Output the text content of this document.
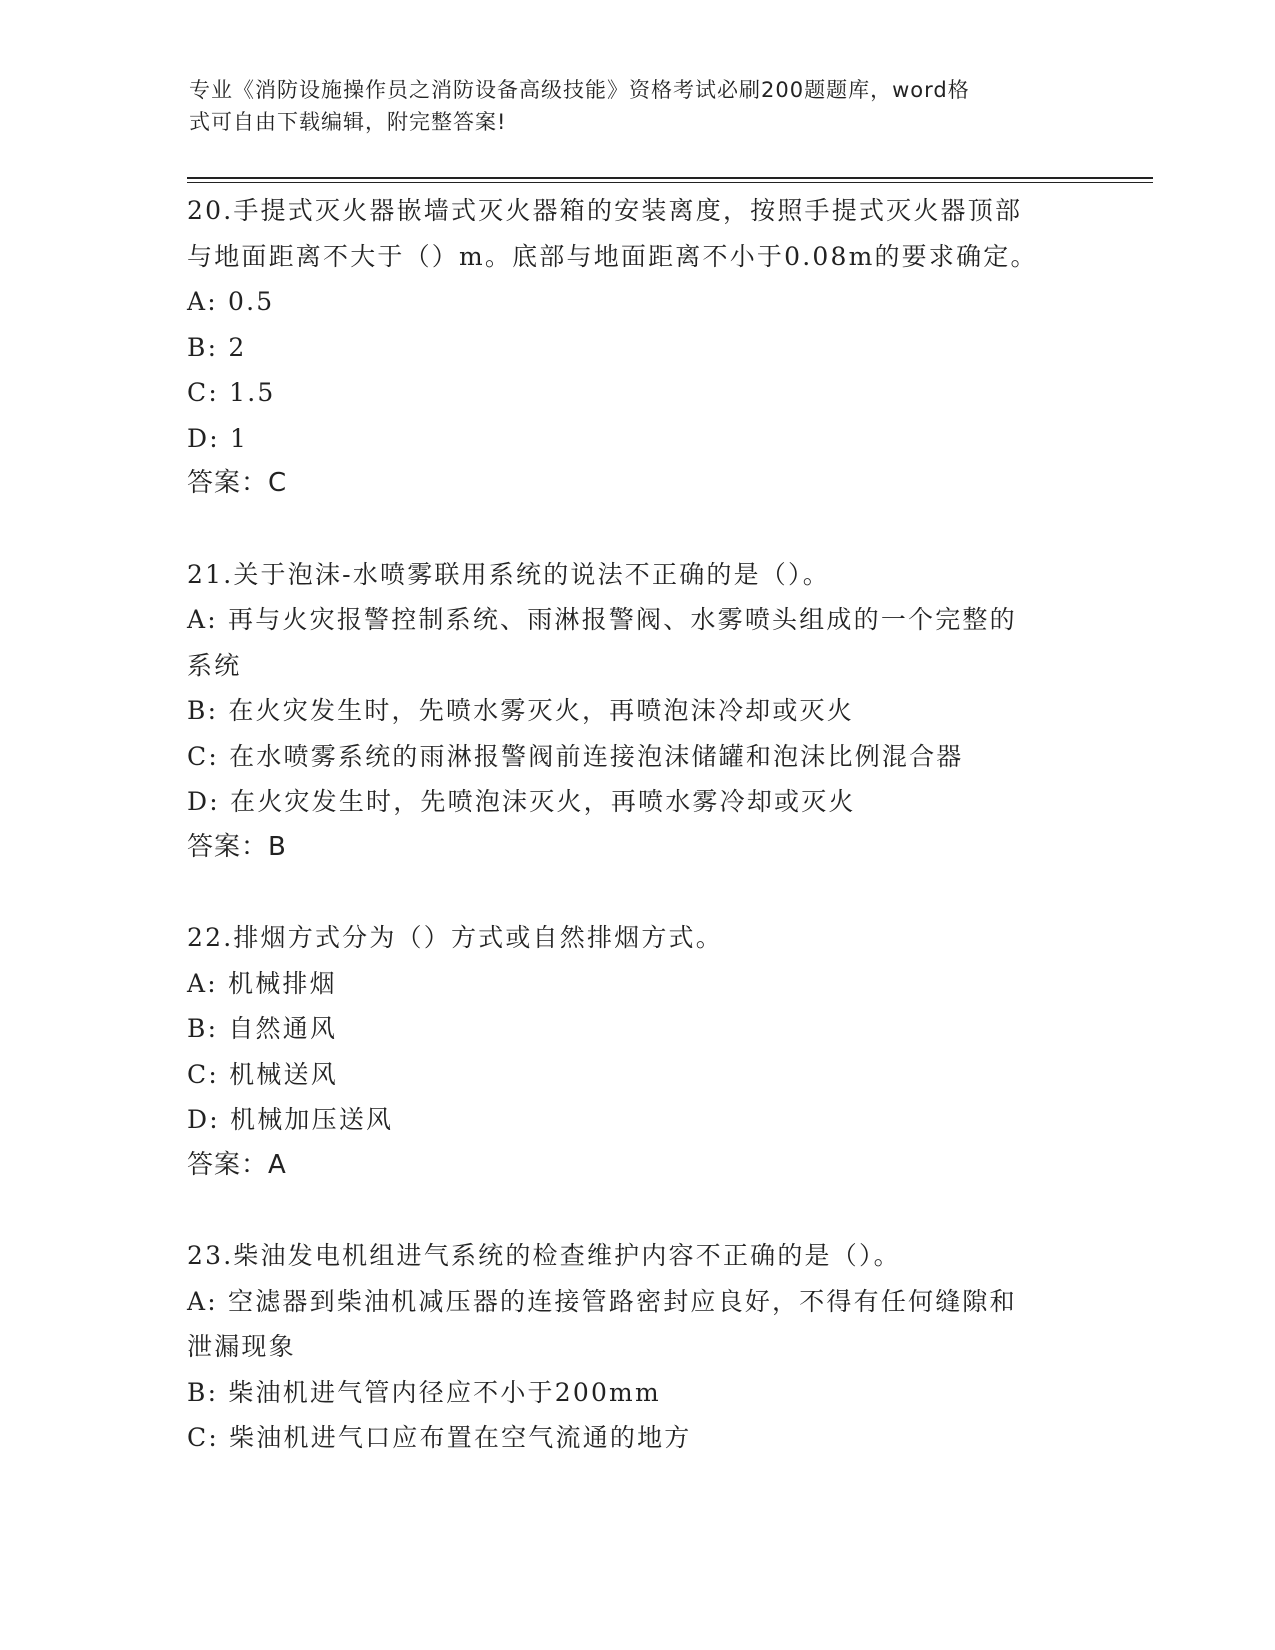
专业《消防设施操作员之消防设备高级技能》资格考试必刷200题题库，word格
式可自由下载编辑，附完整答案!
20.手提式灭火器嵌墙式灭火器箱的安装离度，按照手提式灭火器顶部
与地面距离不大于（）m。底部与地面距离不小于0.08m的要求确定。
A: 0.5
B: 2
C: 1.5
D: 1
答案：C
21.关于泡沫-水喷雾联用系统的说法不正确的是（）。
A: 再与火灾报警控制系统、雨淋报警阀、水雾喷头组成的一个完整的
系统
B: 在火灾发生时，先喷水雾灭火，再喷泡沫冷却或灭火
C: 在水喷雾系统的雨淋报警阀前连接泡沫储罐和泡沫比例混合器
D: 在火灾发生时，先喷泡沫灭火，再喷水雾冷却或灭火
答案：B
22.排烟方式分为（）方式或自然排烟方式。
A: 机械排烟
B: 自然通风
C: 机械送风
D: 机械加压送风
答案：A
23.柴油发电机组进气系统的检查维护内容不正确的是（）。
A: 空滤器到柴油机减压器的连接管路密封应良好，不得有任何缝隙和
泄漏现象
B: 柴油机进气管内径应不小于200mm
C: 柴油机进气口应布置在空气流通的地方
